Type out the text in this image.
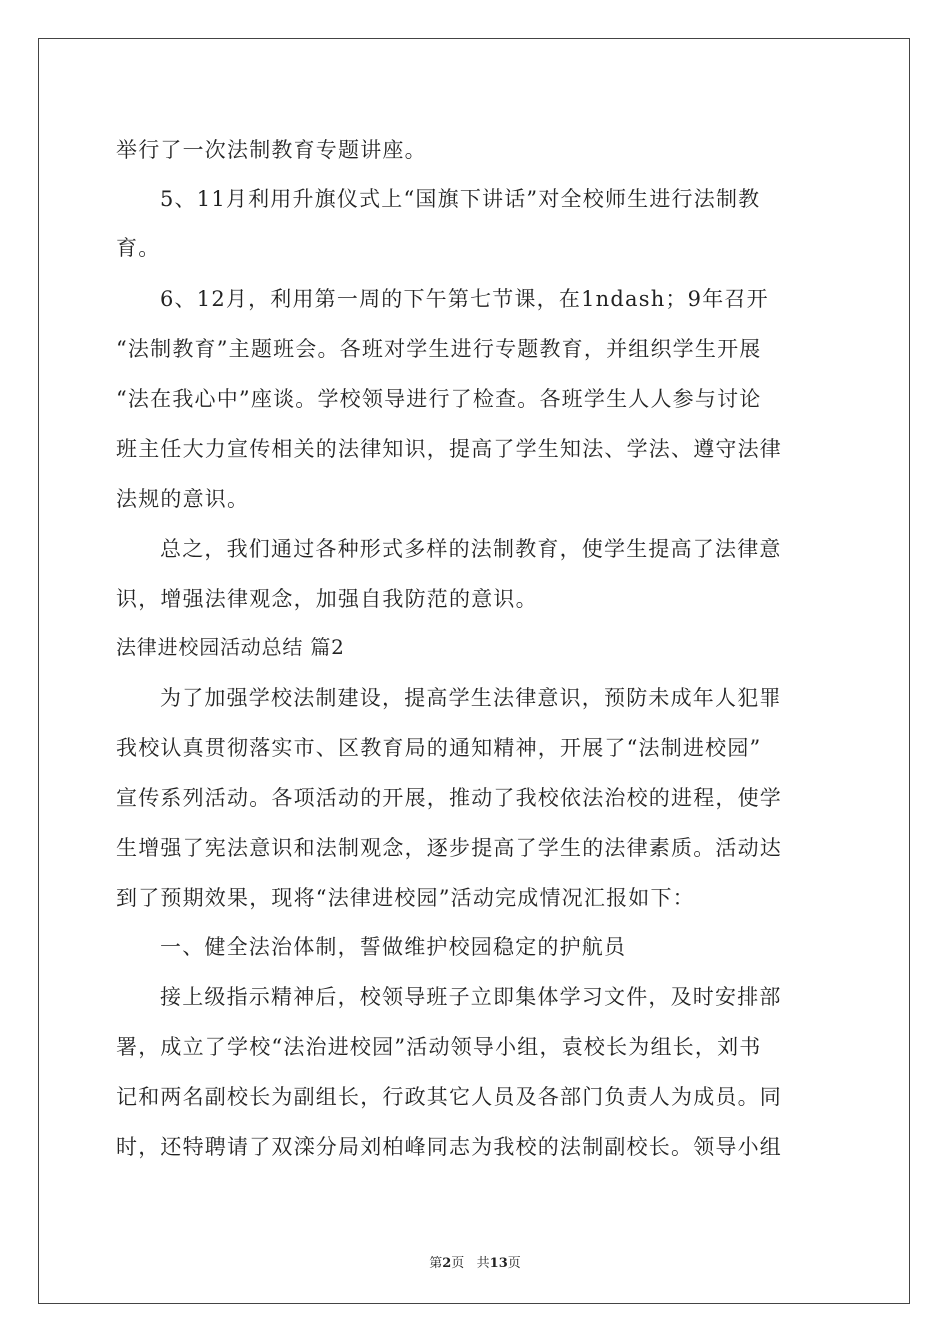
举行了一次法制教育专题讲座。
5、11月利用升旗仪式上“国旗下讲话”对全校师生进行法制教
育。
6、12月，利用第一周的下午第七节课，在1ndash；9年召开
“法制教育”主题班会。各班对学生进行专题教育，并组织学生开展
“法在我心中”座谈。学校领导进行了检查。各班学生人人参与讨论
班主任大力宣传相关的法律知识，提高了学生知法、学法、遵守法律
法规的意识。
总之，我们通过各种形式多样的法制教育，使学生提高了法律意
识，增强法律观念，加强自我防范的意识。
法律进校园活动总结 篇2
为了加强学校法制建设，提高学生法律意识，预防未成年人犯罪
我校认真贯彻落实市、区教育局的通知精神，开展了“法制进校园”
宣传系列活动。各项活动的开展，推动了我校依法治校的进程，使学
生增强了宪法意识和法制观念，逐步提高了学生的法律素质。活动达
到了预期效果，现将“法律进校园”活动完成情况汇报如下：
一、健全法治体制，誓做维护校园稳定的护航员
接上级指示精神后，校领导班子立即集体学习文件，及时安排部
署，成立了学校“法治进校园”活动领导小组，袁校长为组长，刘书
记和两名副校长为副组长，行政其它人员及各部门负责人为成员。同
时，还特聘请了双滦分局刘柏峰同志为我校的法制副校长。领导小组
第2页   共13页
